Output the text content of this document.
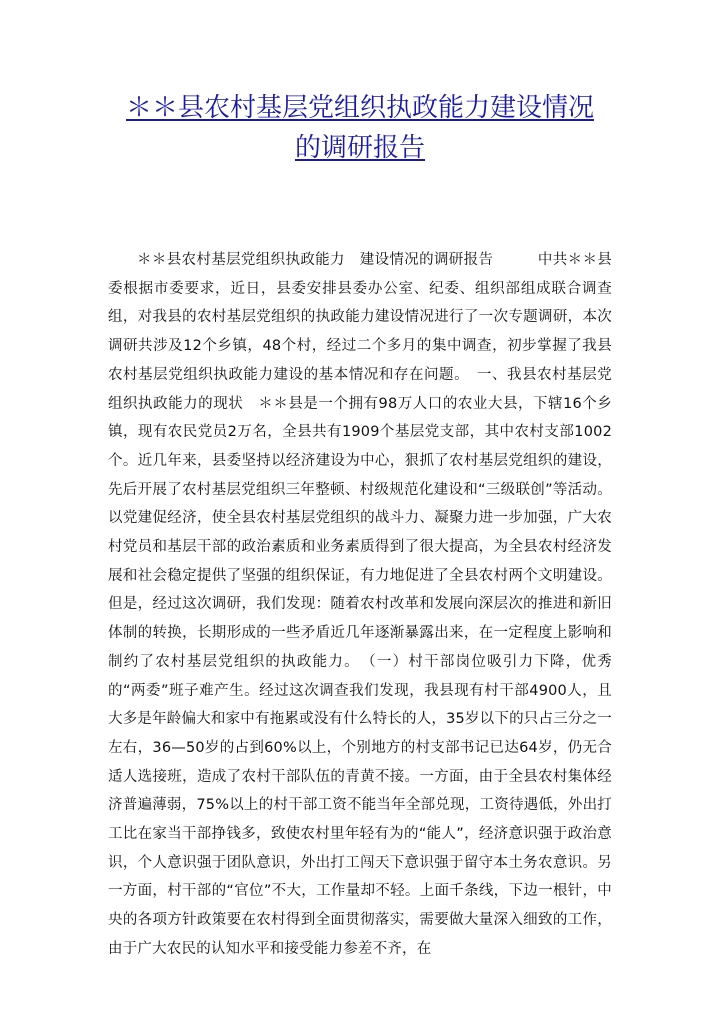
＊＊县农村基层党组织执政能力建设情况
的调研报告
＊＊县农村基层党组织执政能力　建设情况的调研报告　　　中共＊＊县委根据市委要求，近日，县委安排县委办公室、纪委、组织部组成联合调查组，对我县的农村基层党组织的执政能力建设情况进行了一次专题调研，本次调研共涉及12个乡镇，48个村，经过二个多月的集中调查，初步掌握了我县农村基层党组织执政能力建设的基本情况和存在问题。　一、我县农村基层党组织执政能力的现状　＊＊县是一个拥有98万人口的农业大县，下辖16个乡镇，现有农民党员2万名，全县共有1909个基层党支部，其中农村支部1002个。近几年来，县委坚持以经济建设为中心，狠抓了农村基层党组织的建设，先后开展了农村基层党组织三年整顿、村级规范化建设和“三级联创”等活动。以党建促经济，使全县农村基层党组织的战斗力、凝聚力进一步加强，广大农村党员和基层干部的政治素质和业务素质得到了很大提高，为全县农村经济发展和社会稳定提供了坚强的组织保证，有力地促进了全县农村两个文明建设。但是，经过这次调研，我们发现：随着农村改革和发展向深层次的推进和新旧体制的转换，长期形成的一些矛盾近几年逐渐暴露出来，在一定程度上影响和制约了农村基层党组织的执政能力。　（一）村干部岗位吸引力下降，优秀的“两委”班子难产生。经过这次调查我们发现，我县现有村干部4900人，且大多是年龄偏大和家中有拖累或没有什么特长的人，35岁以下的只占三分之一左右，36—50岁的占到60%以上，个别地方的村支部书记已达64岁，仍无合适人选接班，造成了农村干部队伍的青黄不接。一方面，由于全县农村集体经济普遍薄弱，75%以上的村干部工资不能当年全部兑现，工资待遇低，外出打工比在家当干部挣钱多，致使农村里年轻有为的“能人”，经济意识强于政治意识，个人意识强于团队意识，外出打工闯天下意识强于留守本土务农意识。另一方面，村干部的“官位”不大，工作量却不轻。上面千条线，下边一根针，中央的各项方针政策要在农村得到全面贯彻落实，需要做大量深入细致的工作，由于广大农民的认知水平和接受能力参差不齐，在
